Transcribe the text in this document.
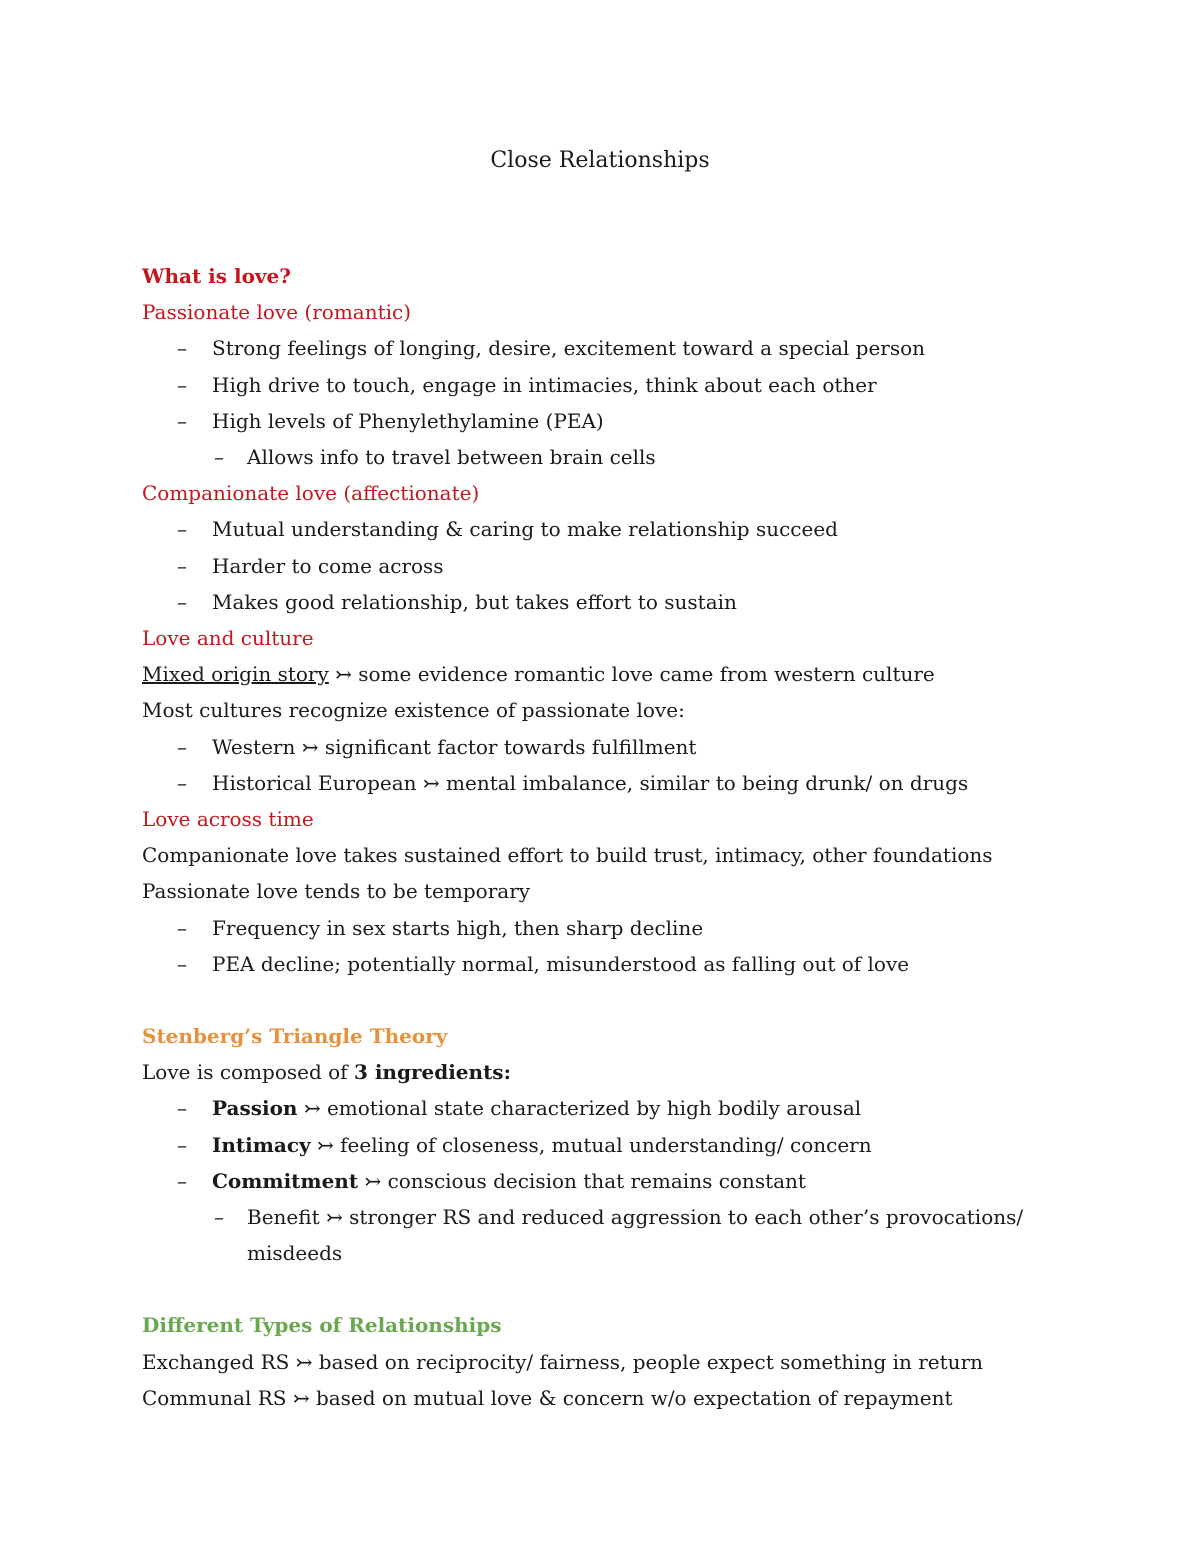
Close Relationships
What is love?
Passionate love (romantic)
– Strong feelings of longing, desire, excitement toward a special person
– High drive to touch, engage in intimacies, think about each other
– High levels of Phenylethylamine (PEA)
– Allows info to travel between brain cells
Companionate love (affectionate)
– Mutual understanding & caring to make relationship succeed
– Harder to come across
– Makes good relationship, but takes effort to sustain
Love and culture
Mixed origin story ↣ some evidence romantic love came from western culture
Most cultures recognize existence of passionate love:
– Western ↣ significant factor towards fulfillment
– Historical European ↣ mental imbalance, similar to being drunk/ on drugs
Love across time
Companionate love takes sustained effort to build trust, intimacy, other foundations
Passionate love tends to be temporary
– Frequency in sex starts high, then sharp decline
– PEA decline; potentially normal, misunderstood as falling out of love
Stenberg’s Triangle Theory
Love is composed of 3 ingredients:
– Passion ↣ emotional state characterized by high bodily arousal
– Intimacy ↣ feeling of closeness, mutual understanding/ concern
– Commitment ↣ conscious decision that remains constant
– Benefit ↣ stronger RS and reduced aggression to each other’s provocations/
misdeeds
Different Types of Relationships
Exchanged RS ↣ based on reciprocity/ fairness, people expect something in return
Communal RS ↣ based on mutual love & concern w/o expectation of repayment
